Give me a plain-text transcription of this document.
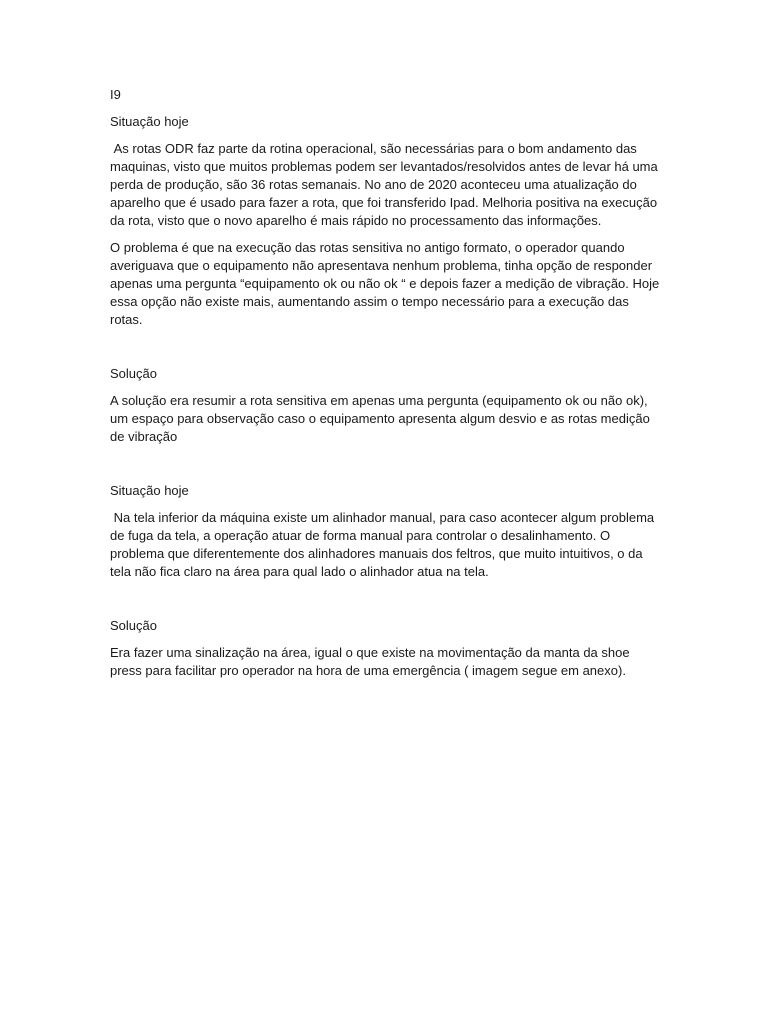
I9

Situação hoje

As rotas ODR faz parte da rotina operacional, são necessárias para o bom andamento das maquinas, visto que muitos problemas podem ser levantados/resolvidos antes de levar há uma perda de produção, são 36 rotas semanais. No ano de 2020 aconteceu uma atualização do aparelho que é usado para fazer a rota, que foi transferido Ipad. Melhoria positiva na execução da rota, visto que o novo aparelho é mais rápido no processamento das informações.

O problema é que na execução das rotas sensitiva no antigo formato, o operador quando averiguava que o equipamento não apresentava nenhum problema, tinha opção de responder apenas uma pergunta “equipamento ok ou não ok “ e depois fazer a medição de vibração. Hoje essa opção não existe mais, aumentando assim o tempo necessário para a execução das rotas.

Solução

A solução era resumir a rota sensitiva em apenas uma pergunta (equipamento ok ou não ok), um espaço para observação caso o equipamento apresenta algum desvio e as rotas medição de vibração

Situação hoje

Na tela inferior da máquina existe um alinhador manual, para caso acontecer algum problema de fuga da tela, a operação atuar de forma manual para controlar o desalinhamento. O problema que diferentemente dos alinhadores manuais dos feltros, que muito intuitivos, o da tela não fica claro na área para qual lado o alinhador atua na tela.

Solução

Era fazer uma sinalização na área, igual o que existe na movimentação da manta da shoe press para facilitar pro operador na hora de uma emergência ( imagem segue em anexo).
